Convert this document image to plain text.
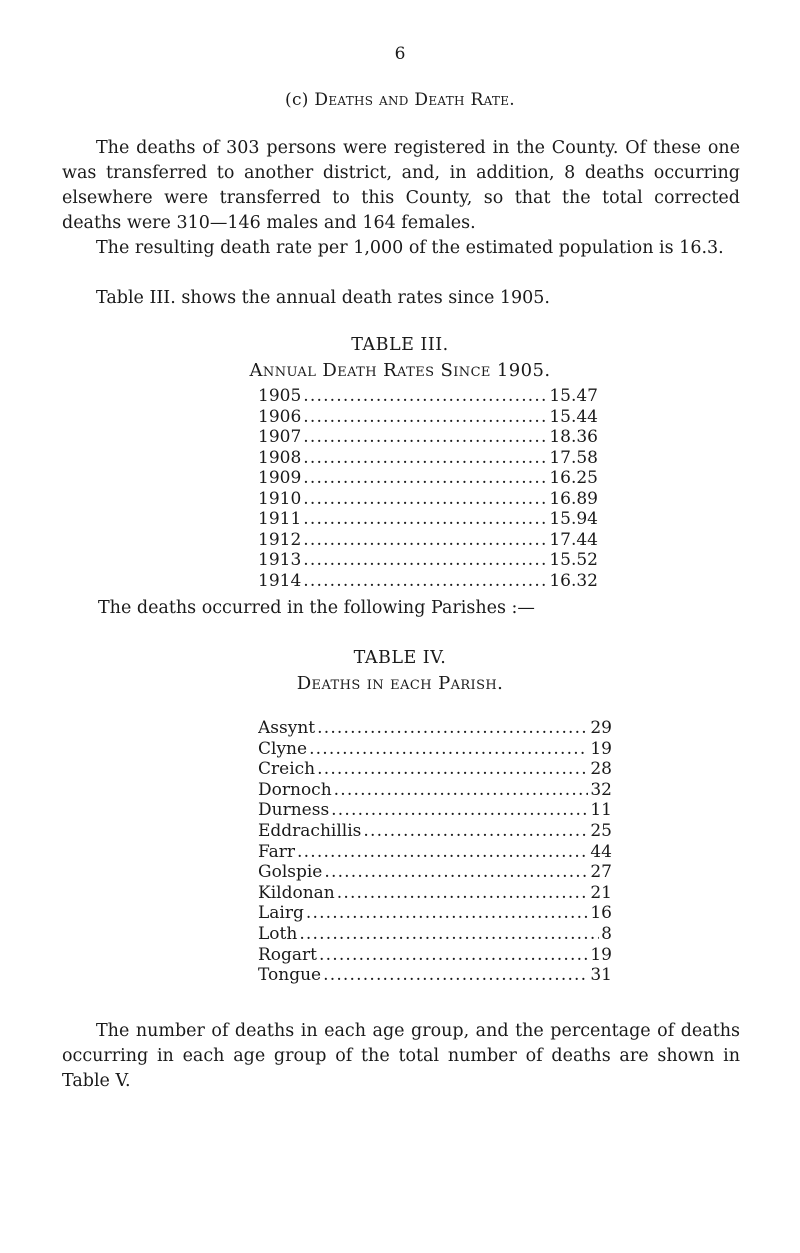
6
(c) Deaths and Death Rate.

The deaths of 303 persons were registered in the County. Of these one was transferred to another district, and, in addition, 8 deaths occurring elsewhere were transferred to this County, so that the total corrected deaths were 310—146 males and 164 females.

The resulting death rate per 1,000 of the estimated population is 16.3.

Table III. shows the annual death rates since 1905.

TABLE III.
Annual Death Rates Since 1905.
1905 .....	15.47
1906 .....	15.44
1907 .....	18.36
1908 .....	17.58
1909 .....	16.25
1910 .....	16.89
1911 .....	15.94
1912 .....	17.44
1913 .....	15.52
1914 .....	16.32

The deaths occurred in the following Parishes :—

TABLE IV.
Deaths in each Parish.
Assynt .....	29
Clyne .....	19
Creich .....	28
Dornoch .....	32
Durness .....	11
Eddrachillis .....	25
Farr .....	44
Golspie .....	27
Kildonan .....	21
Lairg .....	16
Loth .....	8
Rogart .....	19
Tongue .....	31

The number of deaths in each age group, and the percentage of deaths occurring in each age group of the total number of deaths are shown in Table V.
